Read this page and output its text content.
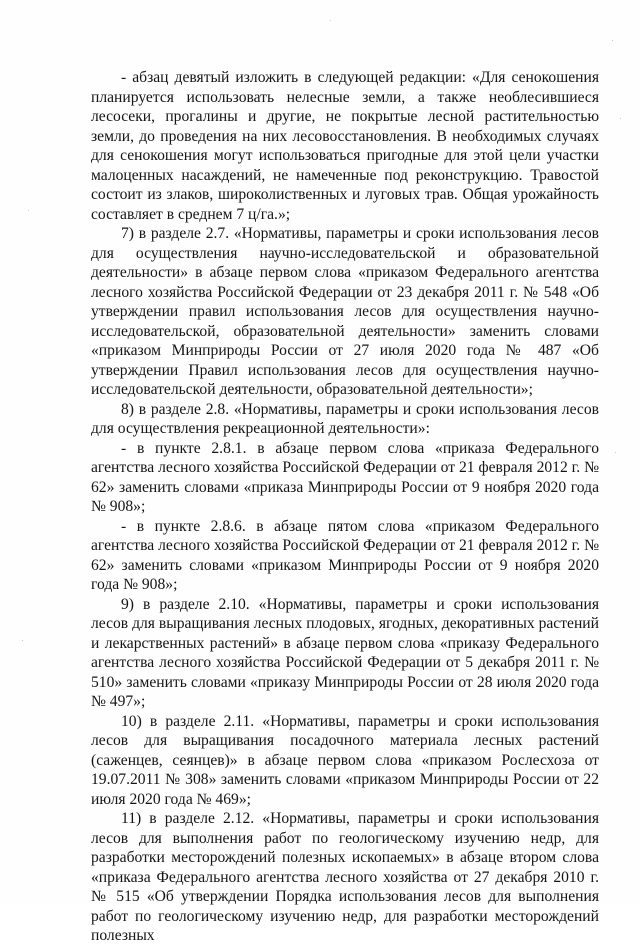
- абзац девятый изложить в следующей редакции: «Для сенокошения планируется использовать нелесные земли, а также необлесившиеся лесосеки, прогалины и другие, не покрытые лесной растительностью земли, до проведения на них лесовосстановления. В необходимых случаях для сенокошения могут использоваться пригодные для этой цели участки малоценных насаждений, не намеченные под реконструкцию. Травостой состоит из злаков, широколиственных и луговых трав. Общая урожайность составляет в среднем 7 ц/га.»;

7) в разделе 2.7. «Нормативы, параметры и сроки использования лесов для осуществления научно-исследовательской и образовательной деятельности» в абзаце первом слова «приказом Федерального агентства лесного хозяйства Российской Федерации от 23 декабря 2011 г. № 548 «Об утверждении правил использования лесов для осуществления научно-исследовательской, образовательной деятельности» заменить словами «приказом Минприроды России от 27 июля 2020 года № 487 «Об утверждении Правил использования лесов для осуществления научно-исследовательской деятельности, образовательной деятельности»;

8) в разделе 2.8. «Нормативы, параметры и сроки использования лесов для осуществления рекреационной деятельности»:

- в пункте 2.8.1. в абзаце первом слова «приказа Федерального агентства лесного хозяйства Российской Федерации от 21 февраля 2012 г. № 62» заменить словами «приказа Минприроды России от 9 ноября 2020 года № 908»;

- в пункте 2.8.6. в абзаце пятом слова «приказом Федерального агентства лесного хозяйства Российской Федерации от 21 февраля 2012 г. № 62» заменить словами «приказом Минприроды России от 9 ноября 2020 года № 908»;

9) в разделе 2.10. «Нормативы, параметры и сроки использования лесов для выращивания лесных плодовых, ягодных, декоративных растений и лекарственных растений» в абзаце первом слова «приказу Федерального агентства лесного хозяйства Российской Федерации от 5 декабря 2011 г. № 510» заменить словами «приказу Минприроды России от 28 июля 2020 года № 497»;

10) в разделе 2.11. «Нормативы, параметры и сроки использования лесов для выращивания посадочного материала лесных растений (саженцев, сеянцев)» в абзаце первом слова «приказом Рослесхоза от 19.07.2011 № 308» заменить словами «приказом Минприроды России от 22 июля 2020 года № 469»;

11) в разделе 2.12. «Нормативы, параметры и сроки использования лесов для выполнения работ по геологическому изучению недр, для разработки месторождений полезных ископаемых» в абзаце втором слова «приказа Федерального агентства лесного хозяйства от 27 декабря 2010 г. № 515 «Об утверждении Порядка использования лесов для выполнения работ по геологическому изучению недр, для разработки месторождений полезных
